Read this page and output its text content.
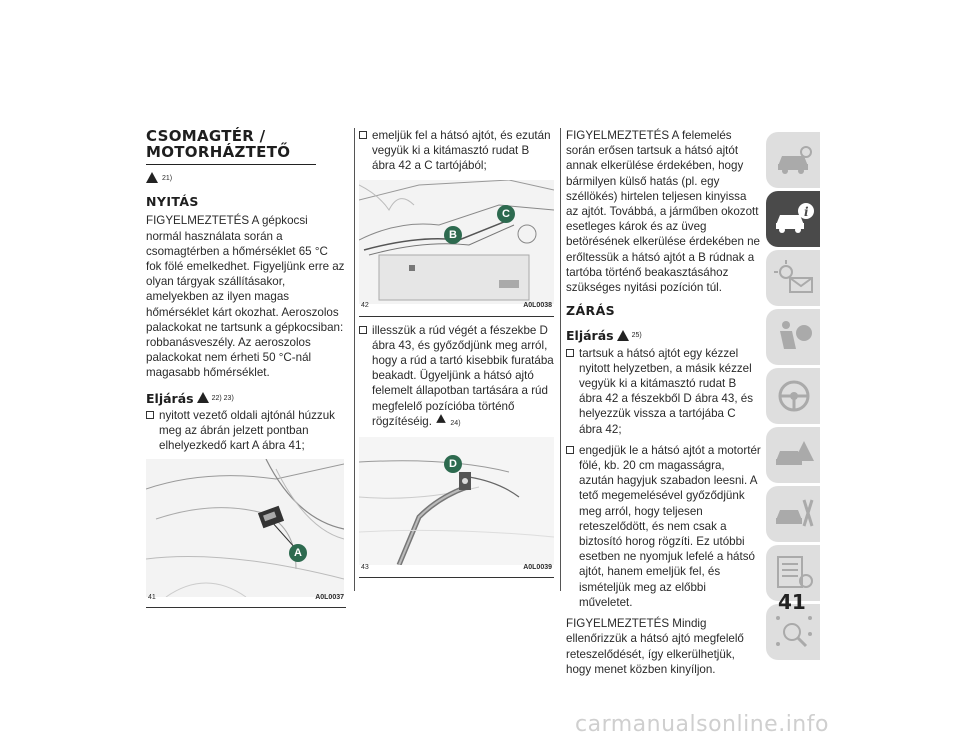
CSOMAGTÉR /
MOTORHÁZTETŐ
21)
NYITÁS

FIGYELMEZTETÉS A gépkocsi normál használata során a csomagtérben a hőmérséklet 65 °C fok fölé emelkedhet. Figyeljünk erre az olyan tárgyak szállításakor, amelyekben az ilyen magas hőmérséklet kárt okozhat. Aeroszolos palackokat ne tartsunk a gépkocsiban: robbanásveszély. Az aeroszolos palackokat nem érheti 50 °C-nál magasabb hőmérséklet.

Eljárás	22) 23)
nyitott vezető oldali ajtónál húzzuk meg az ábrán jelzett pontban elhelyezkedő kart A ábra 41;
A
41	A0L0037
emeljük fel a hátsó ajtót, és ezután vegyük ki a kitámasztó rudat B ábra 42 a C tartójából;
B
C
42	A0L0038
illesszük a rúd végét a fészekbe D ábra 43, és győződjünk meg arról, hogy a rúd a tartó kisebbik furatába beakadt. Ügyeljünk a hátsó ajtó felemelt állapotban tartására a rúd megfelelő pozícióba történő rögzítéséig.	24)
D
43	A0L0039

FIGYELMEZTETÉS A felemelés során erősen tartsuk a hátsó ajtót annak elkerülése érdekében, hogy bármilyen külső hatás (pl. egy széllökés) hirtelen teljesen kinyissa az ajtót. Továbbá, a járműben okozott esetleges károk és az üveg betörésének elkerülése érdekében ne erőltessük a hátsó ajtót a B rúdnak a tartóba történő beakasztásához szükséges nyitási pozíción túl.

ZÁRÁS
Eljárás	25)
tartsuk a hátsó ajtót egy kézzel nyitott helyzetben, a másik kézzel vegyük ki a kitámasztó rudat B ábra 42 a fészekből D ábra 43, és helyezzük vissza a tartójába C ábra 42;
engedjük le a hátsó ajtót a motortér fölé, kb. 20 cm magasságra, azután hagyjuk szabadon leesni. A tető megemelésével győződjünk meg arról, hogy teljesen reteszelődött, és nem csak a biztosító horog rögzíti. Ez utóbbi esetben ne nyomjuk lefelé a hátsó ajtót, hanem emeljük fel, és ismételjük meg az előbbi műveletet.

FIGYELMEZTETÉS Mindig ellenőrizzük a hátsó ajtó megfelelő reteszelődését, így elkerülhetjük, hogy menet közben kinyíljon.

i
41
carmanualsonline.info
